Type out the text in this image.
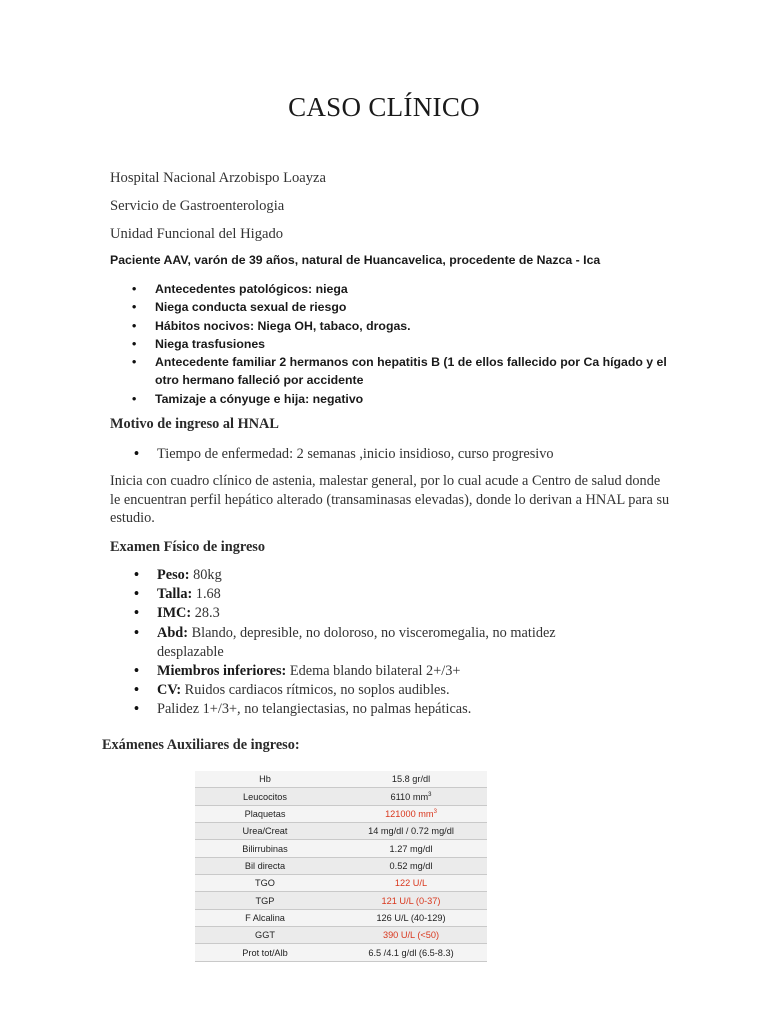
CASO CLÍNICO
Hospital Nacional Arzobispo Loayza
Servicio de Gastroenterologia
Unidad Funcional del Higado
Paciente AAV, varón de 39 años, natural de Huancavelica, procedente de Nazca - Ica
• Antecedentes patológicos: niega
• Niega conducta sexual de riesgo
• Hábitos nocivos: Niega OH, tabaco, drogas.
• Niega trasfusiones
• Antecedente familiar 2 hermanos con hepatitis B (1 de ellos fallecido por Ca hígado y el otro hermano falleció por accidente
• Tamizaje a cónyuge e hija: negativo
Motivo de ingreso al HNAL
• Tiempo de enfermedad: 2 semanas ,inicio insidioso, curso progresivo
Inicia con cuadro clínico de astenia, malestar general, por lo cual acude a Centro de salud donde le encuentran perfil hepático alterado (transaminasas elevadas), donde lo derivan a HNAL para su estudio.
Examen Físico de ingreso
• Peso: 80kg
• Talla: 1.68
• IMC: 28.3
• Abd: Blando, depresible, no doloroso, no visceromegalia, no matidez desplazable
• Miembros inferiores: Edema blando bilateral 2+/3+
• CV: Ruidos cardiacos rítmicos, no soplos audibles.
• Palidez 1+/3+, no telangiectasias, no palmas hepáticas.
Exámenes Auxiliares de ingreso:
Hb	15.8 gr/dl
Leucocitos	6110 $mm^3$
Plaquetas	121000 $mm^3$
Urea/Creat	14 mg/dl / 0.72 mg/dl
Bilirrubinas	1.27 mg/dl
Bil directa	0.52 mg/dl
TGO	122 U/L
TGP	121 U/L (0-37)
F Alcalina	126 U/L (40-129)
GGT	390 U/L (<50)
Prot tot/Alb	6.5 /4.1 g/dl (6.5-8.3)
